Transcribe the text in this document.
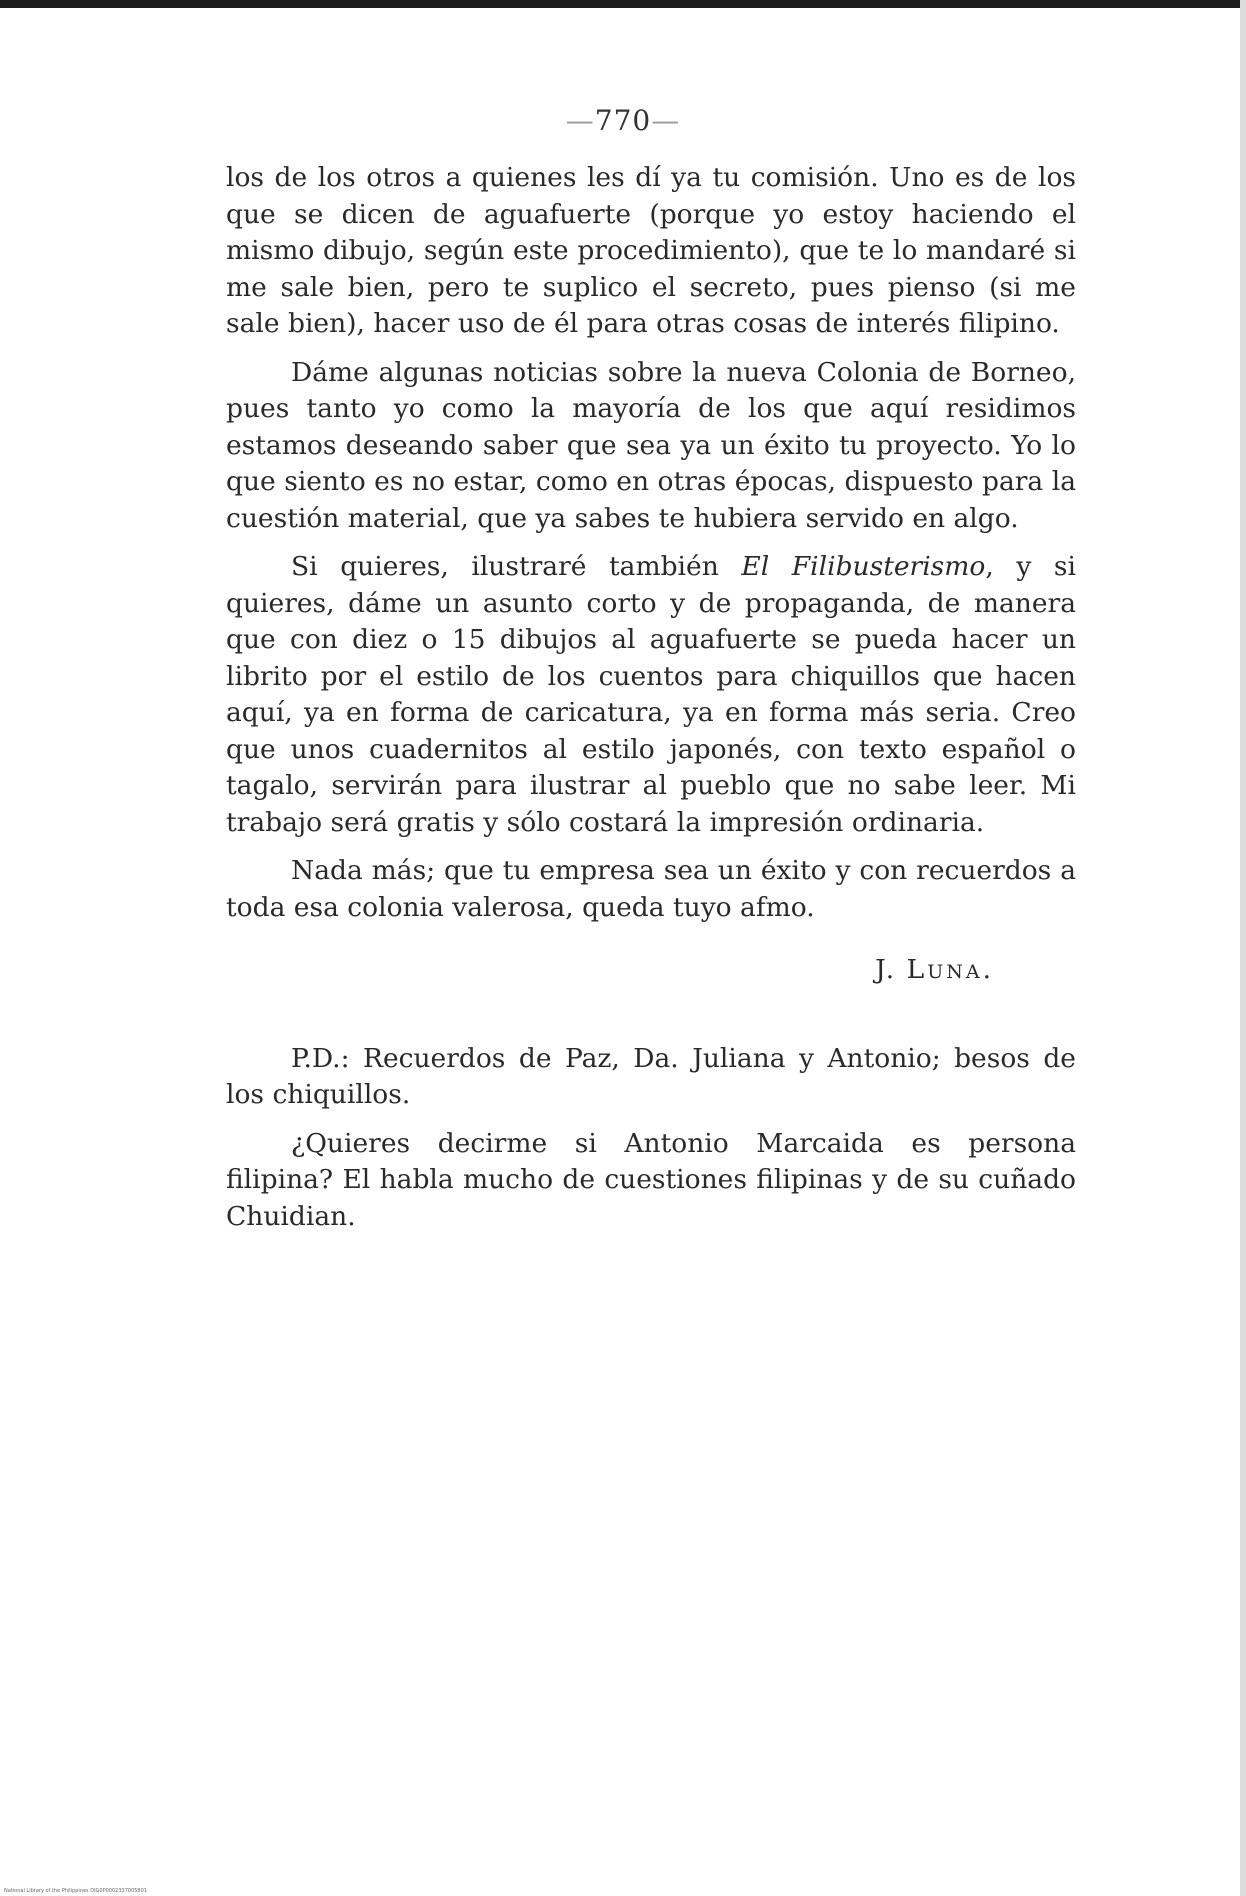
—770—

los de los otros a quienes les dí ya tu comisión. Uno es de los que se dicen de aguafuerte (porque yo estoy haciendo el mismo dibujo, según este procedimiento), que te lo mandaré si me sale bien, pero te suplico el secreto, pues pienso (si me sale bien), hacer uso de él para otras cosas de interés filipino.

Dáme algunas noticias sobre la nueva Colonia de Borneo, pues tanto yo como la mayoría de los que aquí residimos estamos deseando saber que sea ya un éxito tu proyecto. Yo lo que siento es no estar, como en otras épocas, dispuesto para la cuestión material, que ya sabes te hubiera servido en algo.

Si quieres, ilustraré también El Filibusterismo, y si quieres, dáme un asunto corto y de propaganda, de manera que con diez o 15 dibujos al aguafuerte se pueda hacer un librito por el estilo de los cuentos para chiquillos que hacen aquí, ya en forma de caricatura, ya en forma más seria. Creo que unos cuadernitos al estilo japonés, con texto español o tagalo, servirán para ilustrar al pueblo que no sabe leer. Mi trabajo será gratis y sólo costará la impresión ordinaria.

Nada más; que tu empresa sea un éxito y con recuerdos a toda esa colonia valerosa, queda tuyo afmo.

J. Luna.

P.D.: Recuerdos de Paz, Da. Juliana y Antonio; besos de los chiquillos.

¿Quieres decirme si Antonio Marcaida es persona filipina? El habla mucho de cuestiones filipinas y de su cuñado Chuidian.

National Library of the Philippines DIG0P0002337005801
